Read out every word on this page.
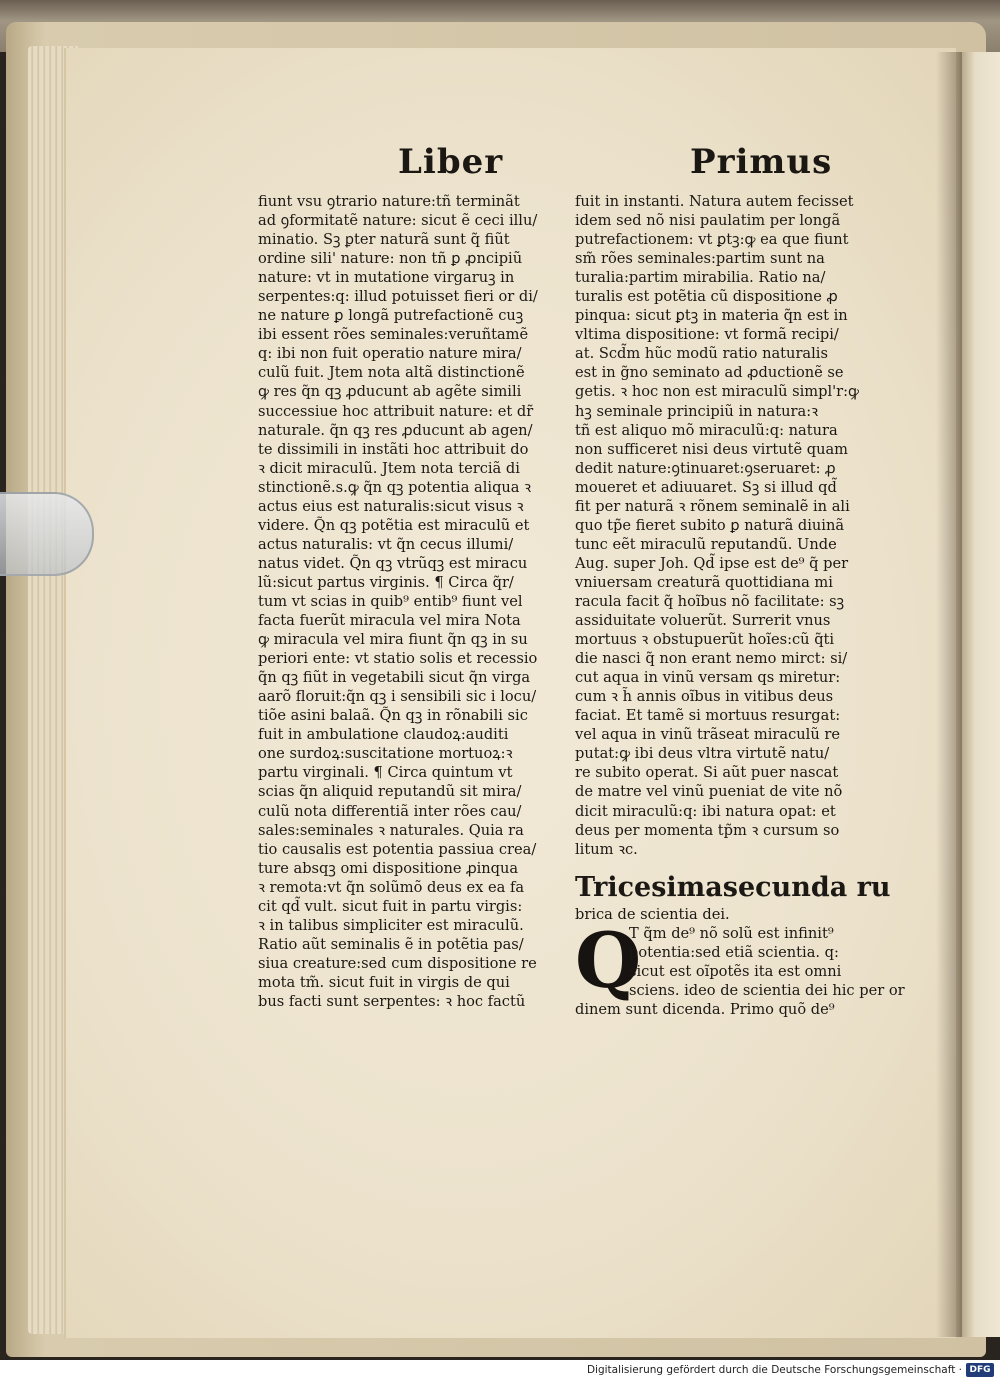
Liber	Primus
fiunt vsu ꝯtrario nature:tñ terminãt
ad ꝯformitatẽ nature: sicut ẽ ceci illu/
minatio. Sꝫ ꝑter naturã sunt q̃ fiũt
ordine sili' nature: non tñ ꝑ ꝓncipiũ
nature: vt in mutatione virgaruꝫ in
serpentes:q: illud potuisset fieri or di/
ne nature ꝑ longã putrefactionẽ cuꝫ
ibi essent rões seminales:veruñtamẽ
q: ibi non fuit operatio nature mira/
culũ fuit. Jtem nota altã distinctionẽ
ꝙ res q̃n qꝫ ꝓducunt ab agẽte simili
successiue hoc attribuit nature: et dr̃
naturale. q̃n qꝫ res ꝓducunt ab agen/
te dissimili in instãti hoc attribuit do
ꝛ dicit miraculũ. Jtem nota terciã di
stinctionẽ.s.ꝙ q̃n qꝫ potentia aliqua ꝛ
actus eius est naturalis:sicut visus ꝛ
videre. Q̃n qꝫ potẽtia est miraculũ et
actus naturalis: vt q̃n cecus illumi/
natus videt. Q̃n qꝫ vtrũqꝫ est miracu
lũ:sicut partus virginis. ¶ Circa q̃r/
tum vt scias in quib⁹ entib⁹ fiunt vel
facta fuerũt miracula vel mira Nota
ꝙ miracula vel mira fiunt q̃n qꝫ in su
periori ente: vt statio solis et recessio
q̃n qꝫ fiũt in vegetabili sicut q̃n virga
aarõ floruit:q̃n qꝫ i sensibili sic i locu/
tiõe asini balaã. Q̃n qꝫ in rõnabili sic
fuit in ambulatione claudoꝝ:auditi
one surdoꝝ:suscitatione mortuoꝝ:ꝛ
partu virginali. ¶ Circa quintum vt
scias q̃n aliquid reputandũ sit mira/
culũ nota differentiã inter rões cau/
sales:seminales ꝛ naturales. Quia ra
tio causalis est potentia passiua crea/
ture absqꝫ omi dispositione ꝓinqua
ꝛ remota:vt q̃n solũmõ deus ex ea fa
cit qd̃ vult. sicut fuit in partu virgis:
ꝛ in talibus simpliciter est miraculũ.
Ratio aũt seminalis ẽ in potẽtia pas/
siua creature:sed cum dispositione re
mota tm̃. sicut fuit in virgis de qui
bus facti sunt serpentes: ꝛ hoc factũ
fuit in instanti. Natura autem fecisset
idem sed nõ nisi paulatim per longã
putrefactionem: vt ꝑtꝫ:ꝙ ea que fiunt
sm̃ rões seminales:partim sunt na
turalia:partim mirabilia. Ratio na/
turalis est potẽtia cũ dispositione ꝓ
pinqua: sicut ꝑtꝫ in materia q̃n est in
vltima dispositione: vt formã recipi/
at. Scd̃m hũc modũ ratio naturalis
est in g̃no seminato ad ꝓductionẽ se
getis. ꝛ hoc non est miraculũ simpl'r:ꝙ
hꝫ seminale principiũ in natura:ꝛ
tñ est aliquo mõ miraculũ:q: natura
non sufficeret nisi deus virtutẽ quam
dedit nature:ꝯtinuaret:ꝯseruaret: ꝓ
moueret et adiuuaret. Sꝫ si illud qd̃
fit per naturã ꝛ rõnem seminalẽ in ali
quo tp̃e fieret subito ꝑ naturã diuinã
tunc eẽt miraculũ reputandũ. Unde
Aug. super Joh. Qd̃ ipse est de⁹ q̃ per
vniuersam creaturã quottidiana mi
racula facit q̃ hoĩbus nõ facilitate: sꝫ
assiduitate voluerũt. Surrerit vnus
mortuus ꝛ obstupuerũt hoĩes:cũ q̃ti
die nasci q̃ non erant nemo mirct: si/
cut aqua in vinũ versam qs miretur:
cum ꝛ h̃ annis oĩbus in vitibus deus
faciat. Et tamẽ si mortuus resurgat:
vel aqua in vinũ trãseat miraculũ re
putat:ꝙ ibi deus vltra virtutẽ natu/
re subito operat. Si aũt puer nascat
de matre vel vinũ pueniat de vite nõ
dicit miraculũ:q: ibi natura opat: et
deus per momenta tp̃m ꝛ cursum so
litum ꝛc.
Tricesimasecunda ru
brica de scientia dei.
Q
T q̃m de⁹ nõ solũ est infinit⁹
potentia:sed etiã scientia. q:
sicut est oĩpotẽs ita est omni
sciens. ideo de scientia dei hic per or
dinem sunt dicenda. Primo quõ de⁹
Digitalisierung gefördert durch die Deutsche Forschungsgemeinschaft · DFG
